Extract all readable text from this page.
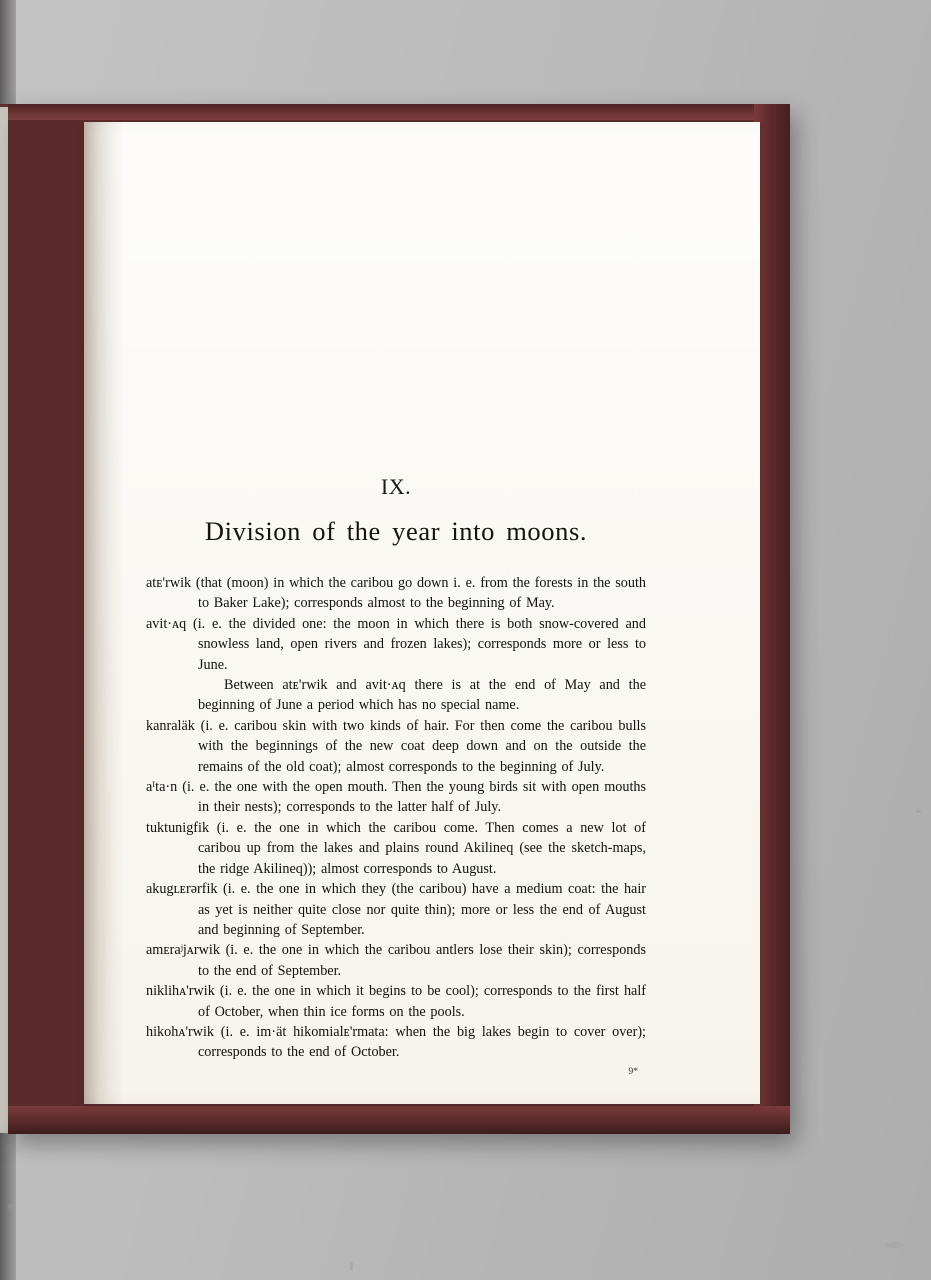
IX.
Division of the year into moons.
atᴇ'rwik (that (moon) in which the caribou go down i. e. from the forests in the south to Baker Lake); corresponds almost to the beginning of May.
avit·ᴀq (i. e. the divided one: the moon in which there is both snow-covered and snowless land, open rivers and frozen lakes); corresponds more or less to June.
Between atᴇ'rwik and avit·ᴀq there is at the end of May and the beginning of June a period which has no special name.
kanraläk (i. e. caribou skin with two kinds of hair. For then come the caribou bulls with the beginnings of the new coat deep down and on the outside the remains of the old coat); almost corresponds to the beginning of July.
aᴵta·n (i. e. the one with the open mouth. Then the young birds sit with open mouths in their nests); corresponds to the latter half of July.
tuktunigfik (i. e. the one in which the caribou come. Then comes a new lot of caribou up from the lakes and plains round Akilineq (see the sketch-maps, the ridge Akilineq)); almost corresponds to August.
akugʟᴇrərfik (i. e. the one in which they (the caribou) have a medium coat: the hair as yet is neither quite close nor quite thin); more or less the end of August and beginning of September.
amᴇraʲjᴀrwik (i. e. the one in which the caribou antlers lose their skin); corresponds to the end of September.
niklihᴀ'rwik (i. e. the one in which it begins to be cool); corresponds to the first half of October, when thin ice forms on the pools.
hikohᴀ'rwik (i. e. im·ät hikomialᴇ'rmata: when the big lakes begin to cover over); corresponds to the end of October.
9*
